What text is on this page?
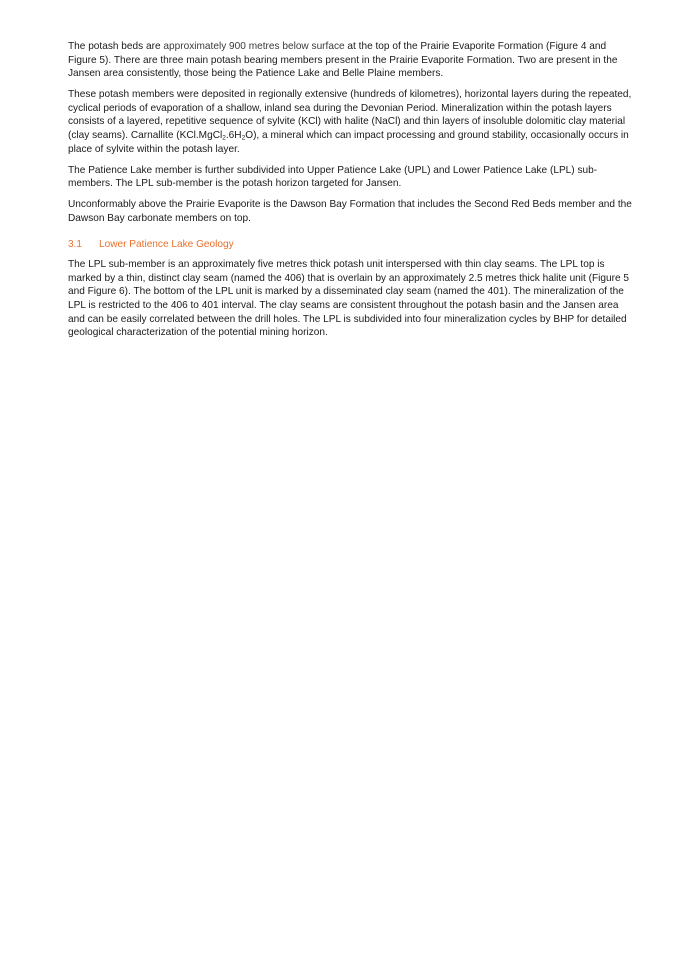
The potash beds are approximately 900 metres below surface at the top of the Prairie Evaporite Formation (Figure 4 and Figure 5). There are three main potash bearing members present in the Prairie Evaporite Formation. Two are present in the Jansen area consistently, those being the Patience Lake and Belle Plaine members.

These potash members were deposited in regionally extensive (hundreds of kilometres), horizontal layers during the repeated, cyclical periods of evaporation of a shallow, inland sea during the Devonian Period. Mineralization within the potash layers consists of a layered, repetitive sequence of sylvite (KCl) with halite (NaCl) and thin layers of insoluble dolomitic clay material (clay seams). Carnallite $(KCl.MgCl_2.6H_2O)$, a mineral which can impact processing and ground stability, occasionally occurs in place of sylvite within the potash layer.

The Patience Lake member is further subdivided into Upper Patience Lake (UPL) and Lower Patience Lake (LPL) sub-members. The LPL sub-member is the potash horizon targeted for Jansen.

Unconformably above the Prairie Evaporite is the Dawson Bay Formation that includes the Second Red Beds member and the Dawson Bay carbonate members on top.

3.1 Lower Patience Lake Geology

The LPL sub-member is an approximately five metres thick potash unit interspersed with thin clay seams. The LPL top is marked by a thin, distinct clay seam (named the 406) that is overlain by an approximately 2.5 metres thick halite unit (Figure 5 and Figure 6). The bottom of the LPL unit is marked by a disseminated clay seam (named the 401). The mineralization of the LPL is restricted to the 406 to 401 interval. The clay seams are consistent throughout the potash basin and the Jansen area and can be easily correlated between the drill holes. The LPL is subdivided into four mineralization cycles by BHP for detailed geological characterization of the potential mining horizon.
